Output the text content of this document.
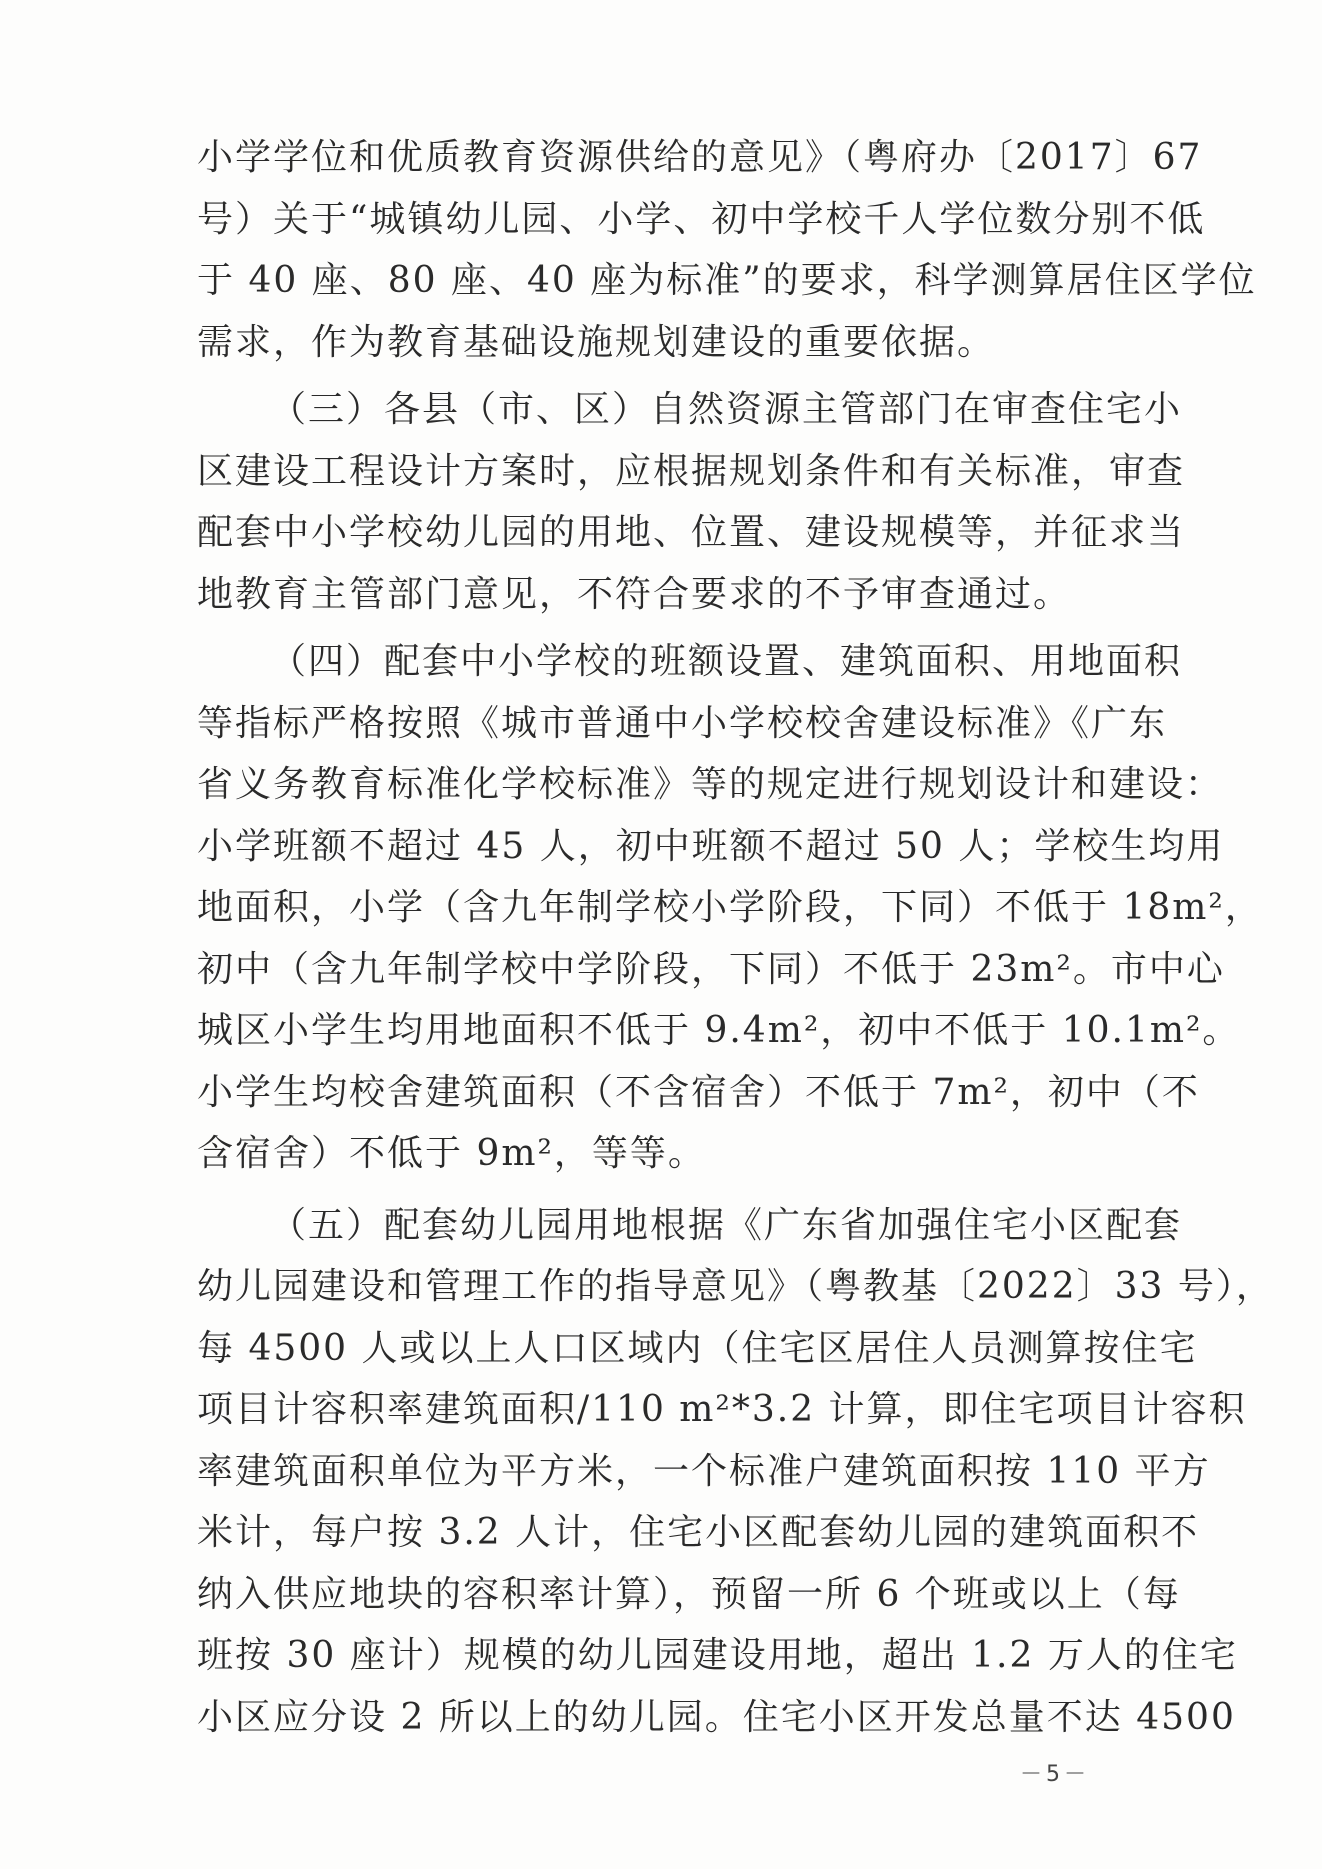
小学学位和优质教育资源供给的意见》（粤府办〔2017〕67
号）关于“城镇幼儿园、小学、初中学校千人学位数分别不低
于 40 座、80 座、40 座为标准”的要求，科学测算居住区学位
需求，作为教育基础设施规划建设的重要依据。
（三）各县（市、区）自然资源主管部门在审查住宅小
区建设工程设计方案时，应根据规划条件和有关标准，审查
配套中小学校幼儿园的用地、位置、建设规模等，并征求当
地教育主管部门意见，不符合要求的不予审查通过。
（四）配套中小学校的班额设置、建筑面积、用地面积
等指标严格按照《城市普通中小学校校舍建设标准》《广东
省义务教育标准化学校标准》等的规定进行规划设计和建设：
小学班额不超过 45 人，初中班额不超过 50 人；学校生均用
地面积，小学（含九年制学校小学阶段，下同）不低于 18m²，
初中（含九年制学校中学阶段，下同）不低于 23m²。市中心
城区小学生均用地面积不低于 9.4m²，初中不低于 10.1m²。
小学生均校舍建筑面积（不含宿舍）不低于 7m²，初中（不
含宿舍）不低于 9m²，等等。
（五）配套幼儿园用地根据《广东省加强住宅小区配套
幼儿园建设和管理工作的指导意见》（粤教基〔2022〕33 号），
每 4500 人或以上人口区域内（住宅区居住人员测算按住宅
项目计容积率建筑面积/110 m²*3.2 计算，即住宅项目计容积
率建筑面积单位为平方米，一个标准户建筑面积按 110 平方
米计，每户按 3.2 人计，住宅小区配套幼儿园的建筑面积不
纳入供应地块的容积率计算），预留一所 6 个班或以上（每
班按 30 座计）规模的幼儿园建设用地，超出 1.2 万人的住宅
小区应分设 2 所以上的幼儿园。住宅小区开发总量不达 4500
－5－
